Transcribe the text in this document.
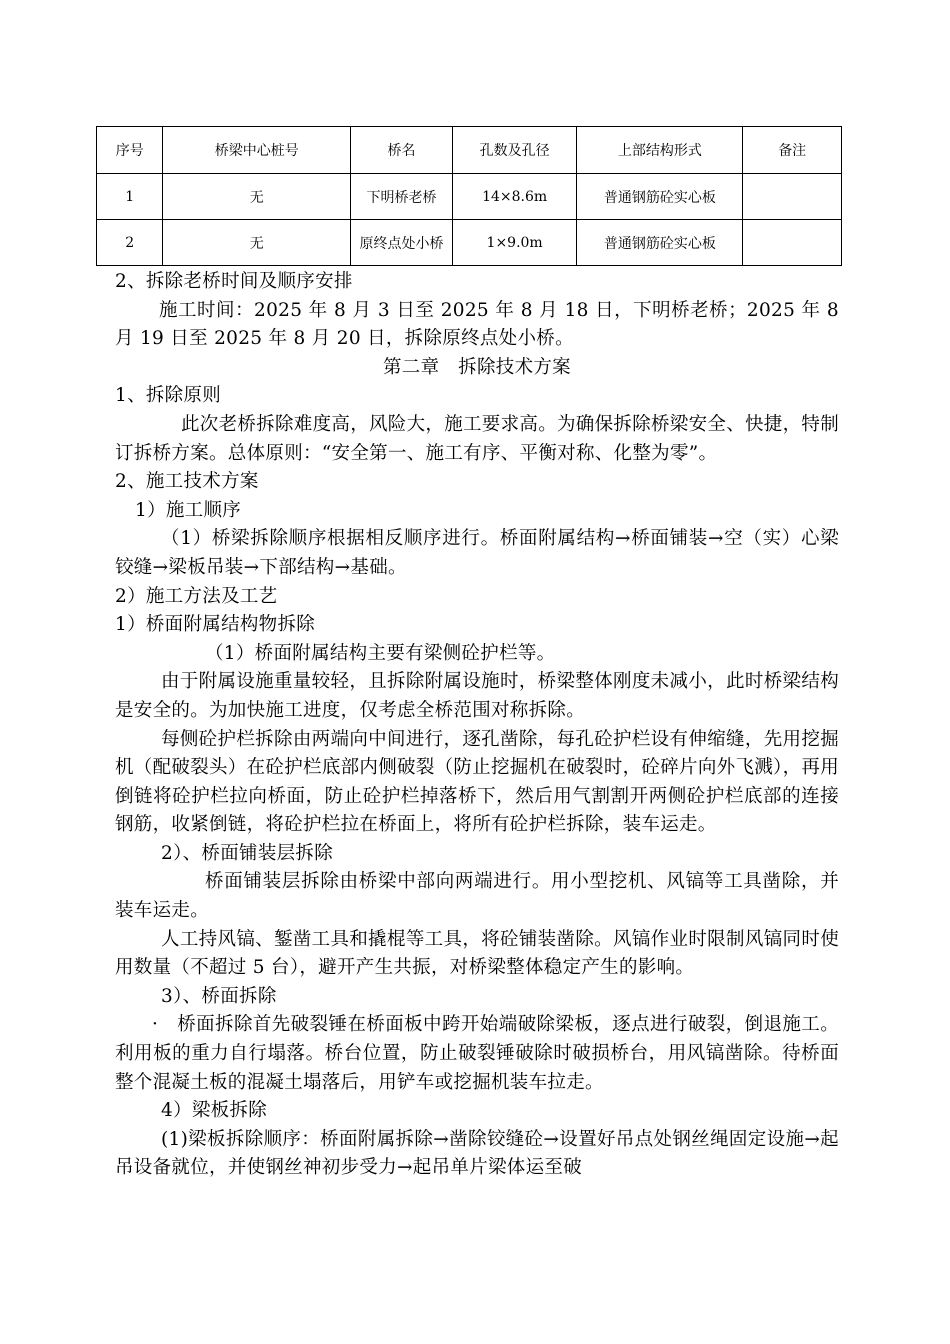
序号	桥梁中心桩号	桥名	孔数及孔径	上部结构形式	备注
1	无	下明桥老桥	14×8.6m	普通钢筋砼实心板	
2	无	原终点处小桥	1×9.0m	普通钢筋砼实心板	

2、拆除老桥时间及顺序安排

施工时间：2025 年 8 月 3 日至 2025 年 8 月 18 日，下明桥老桥；2025 年 8 月 19 日至 2025 年 8 月 20 日，拆除原终点处小桥。

第二章　拆除技术方案

1、拆除原则

此次老桥拆除难度高，风险大，施工要求高。为确保拆除桥梁安全、快捷，特制订拆桥方案。总体原则：“安全第一、施工有序、平衡对称、化整为零”。

2、施工技术方案

1）施工顺序

（1）桥梁拆除顺序根据相反顺序进行。桥面附属结构→桥面铺装→空（实）心梁铰缝→梁板吊装→下部结构→基础。

2）施工方法及工艺

1）桥面附属结构物拆除

（1）桥面附属结构主要有梁侧砼护栏等。

由于附属设施重量较轻，且拆除附属设施时，桥梁整体刚度未减小，此时桥梁结构是安全的。为加快施工进度，仅考虑全桥范围对称拆除。

每侧砼护栏拆除由两端向中间进行，逐孔凿除，每孔砼护栏设有伸缩缝，先用挖掘机（配破裂头）在砼护栏底部内侧破裂（防止挖掘机在破裂时，砼碎片向外飞溅），再用倒链将砼护栏拉向桥面，防止砼护栏掉落桥下，然后用气割割开两侧砼护栏底部的连接钢筋，收紧倒链，将砼护栏拉在桥面上，将所有砼护栏拆除，装车运走。

2）、桥面铺装层拆除

桥面铺装层拆除由桥梁中部向两端进行。用小型挖机、风镐等工具凿除，并装车运走。

人工持风镐、錾凿工具和撬棍等工具，将砼铺装凿除。风镐作业时限制风镐同时使用数量（不超过 5 台），避开产生共振，对桥梁整体稳定产生的影响。

3）、桥面拆除

·　桥面拆除首先破裂锤在桥面板中跨开始端破除梁板，逐点进行破裂，倒退施工。利用板的重力自行塌落。桥台位置，防止破裂锤破除时破损桥台，用风镐凿除。待桥面整个混凝土板的混凝土塌落后，用铲车或挖掘机装车拉走。

4）梁板拆除

(1)梁板拆除顺序：桥面附属拆除→凿除铰缝砼→设置好吊点处钢丝绳固定设施→起吊设备就位，并使钢丝神初步受力→起吊单片梁体运至破
